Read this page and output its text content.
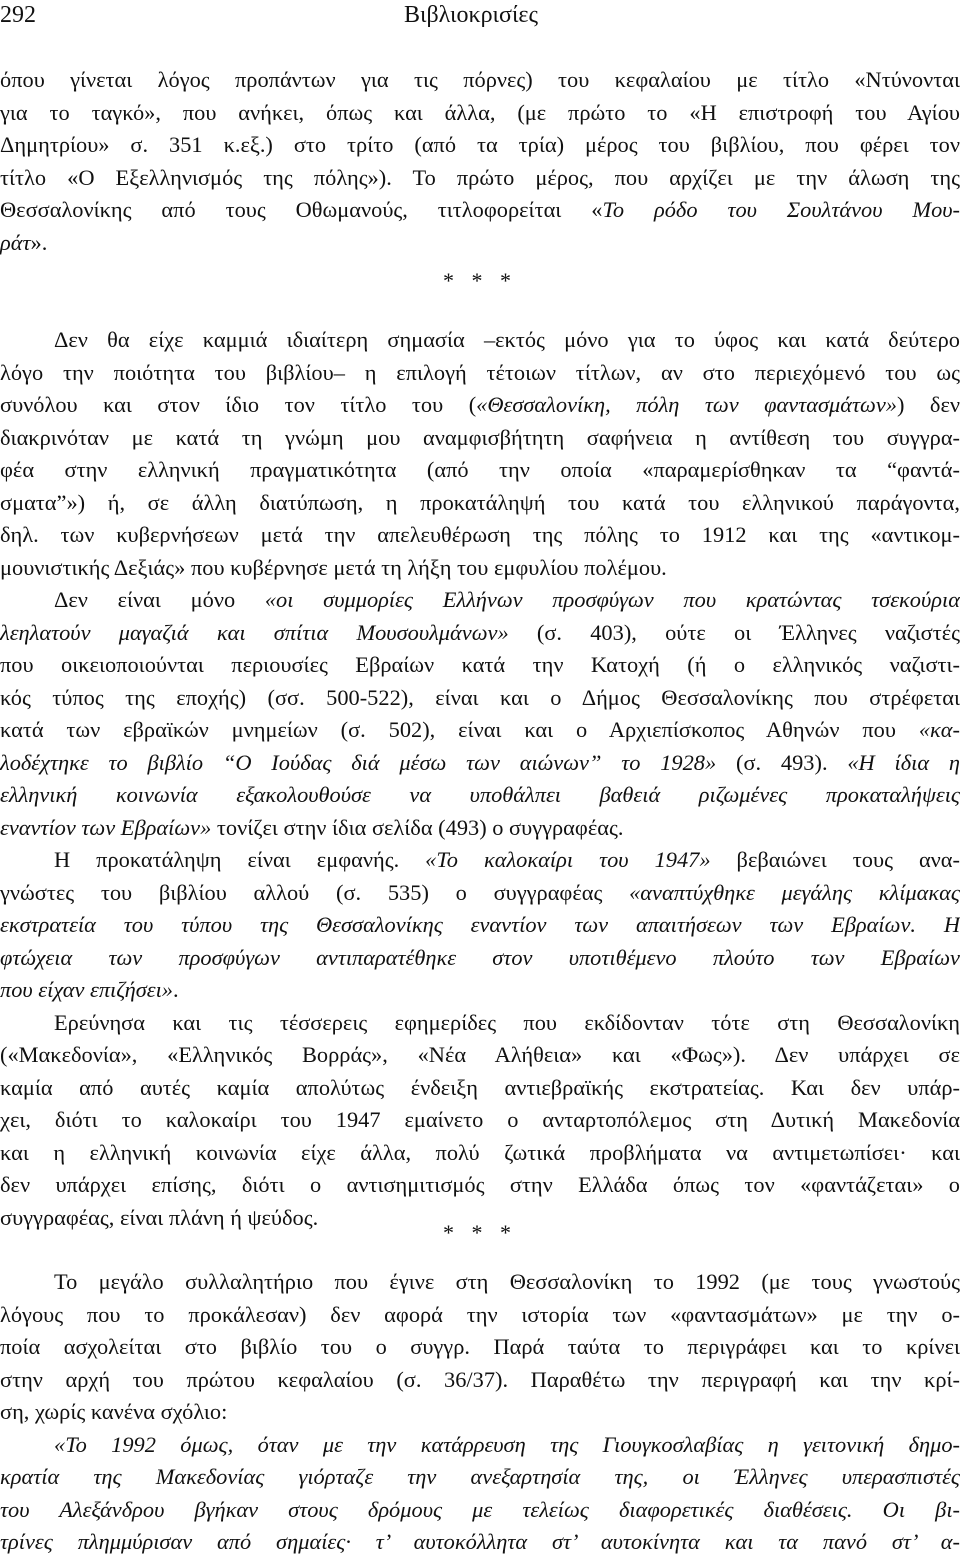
292	Βιβλιοκρισίες
όπου γίνεται λόγος προπάντων για τις πόρνες) του κεφαλαίου με τίτλο «Ντύνονται
για το ταγκό», που ανήκει, όπως και άλλα, (με πρώτο το «Η επιστροφή του Αγίου
Δημητρίου» σ. 351 κ.εξ.) στο τρίτο (από τα τρία) μέρος του βιβλίου, που φέρει τον
τίτλο «Ο Εξελληνισμός της πόλης»). Το πρώτο μέρος, που αρχίζει με την άλωση της
Θεσσαλονίκης από τους Οθωμανούς, τιτλοφορείται «Το ρόδο του Σουλτάνου Μου-
ράτ».
* * *
Δεν θα είχε καμμιά ιδιαίτερη σημασία –εκτός μόνο για το ύφος και κατά δεύτερο
λόγο την ποιότητα του βιβλίου– η επιλογή τέτοιων τίτλων, αν στο περιεχόμενό του ως
συνόλου και στον ίδιο τον τίτλο του («Θεσσαλονίκη, πόλη των φαντασμάτων») δεν
διακρινόταν με κατά τη γνώμη μου αναμφισβήτητη σαφήνεια η αντίθεση του συγγρα-
φέα στην ελληνική πραγματικότητα (από την οποία «παραμερίσθηκαν τα “φαντά-
σματα”») ή, σε άλλη διατύπωση, η προκατάληψή του κατά του ελληνικού παράγοντα,
δηλ. των κυβερνήσεων μετά την απελευθέρωση της πόλης το 1912 και της «αντικομ-
μουνιστικής Δεξιάς» που κυβέρνησε μετά τη λήξη του εμφυλίου πολέμου.
Δεν είναι μόνο «οι συμμορίες Ελλήνων προσφύγων που κρατώντας τσεκούρια
λεηλατούν μαγαζιά και σπίτια Μουσουλμάνων» (σ. 403), ούτε οι Έλληνες ναζιστές
που οικειοποιούνται περιουσίες Εβραίων κατά την Κατοχή (ή ο ελληνικός ναζιστι-
κός τύπος της εποχής) (σσ. 500-522), είναι και ο Δήμος Θεσσαλονίκης που στρέφεται
κατά των εβραϊκών μνημείων (σ. 502), είναι και ο Αρχιεπίσκοπος Αθηνών που «κα-
λοδέχτηκε το βιβλίο “Ο Ιούδας διά μέσω των αιώνων” το 1928» (σ. 493). «Η ίδια η
ελληνική κοινωνία εξακολουθούσε να υποθάλπει βαθειά ριζωμένες προκαταλήψεις
εναντίον των Εβραίων» τονίζει στην ίδια σελίδα (493) ο συγγραφέας.
Η προκατάληψη είναι εμφανής. «Το καλοκαίρι του 1947» βεβαιώνει τους ανα-
γνώστες του βιβλίου αλλού (σ. 535) ο συγγραφέας «αναπτύχθηκε μεγάλης κλίμακας
εκστρατεία του τύπου της Θεσσαλονίκης εναντίον των απαιτήσεων των Εβραίων. Η
φτώχεια των προσφύγων αντιπαρατέθηκε στον υποτιθέμενο πλούτο των Εβραίων
που είχαν επιζήσει».
Ερεύνησα και τις τέσσερεις εφημερίδες που εκδίδονταν τότε στη Θεσσαλονίκη
(«Μακεδονία», «Ελληνικός Βορράς», «Νέα Αλήθεια» και «Φως»). Δεν υπάρχει σε
καμία από αυτές καμία απολύτως ένδειξη αντιεβραϊκής εκστρατείας. Και δεν υπάρ-
χει, διότι το καλοκαίρι του 1947 εμαίνετο ο ανταρτοπόλεμος στη Δυτική Μακεδονία
και η ελληνική κοινωνία είχε άλλα, πολύ ζωτικά προβλήματα να αντιμετωπίσει· και
δεν υπάρχει επίσης, διότι ο αντισημιτισμός στην Ελλάδα όπως τον «φαντάζεται» ο
συγγραφέας, είναι πλάνη ή ψεύδος.
* * *
Το μεγάλο συλλαλητήριο που έγινε στη Θεσσαλονίκη το 1992 (με τους γνωστούς
λόγους που το προκάλεσαν) δεν αφορά την ιστορία των «φαντασμάτων» με την ο-
ποία ασχολείται στο βιβλίο του ο συγγρ. Παρά ταύτα το περιγράφει και το κρίνει
στην αρχή του πρώτου κεφαλαίου (σ. 36/37). Παραθέτω την περιγραφή και την κρί-
ση, χωρίς κανένα σχόλιο:
«Το 1992 όμως, όταν με την κατάρρευση της Γιουγκοσλαβίας η γειτονική δημο-
κρατία της Μακεδονίας γιόρταζε την ανεξαρτησία της, οι Έλληνες υπερασπιστές
του Αλεξάνδρου βγήκαν στους δρόμους με τελείως διαφορετικές διαθέσεις. Οι βι-
τρίνες πλημμύρισαν από σημαίες· τ’ αυτοκόλλητα στ’ αυτοκίνητα και τα πανό στ’ α-
